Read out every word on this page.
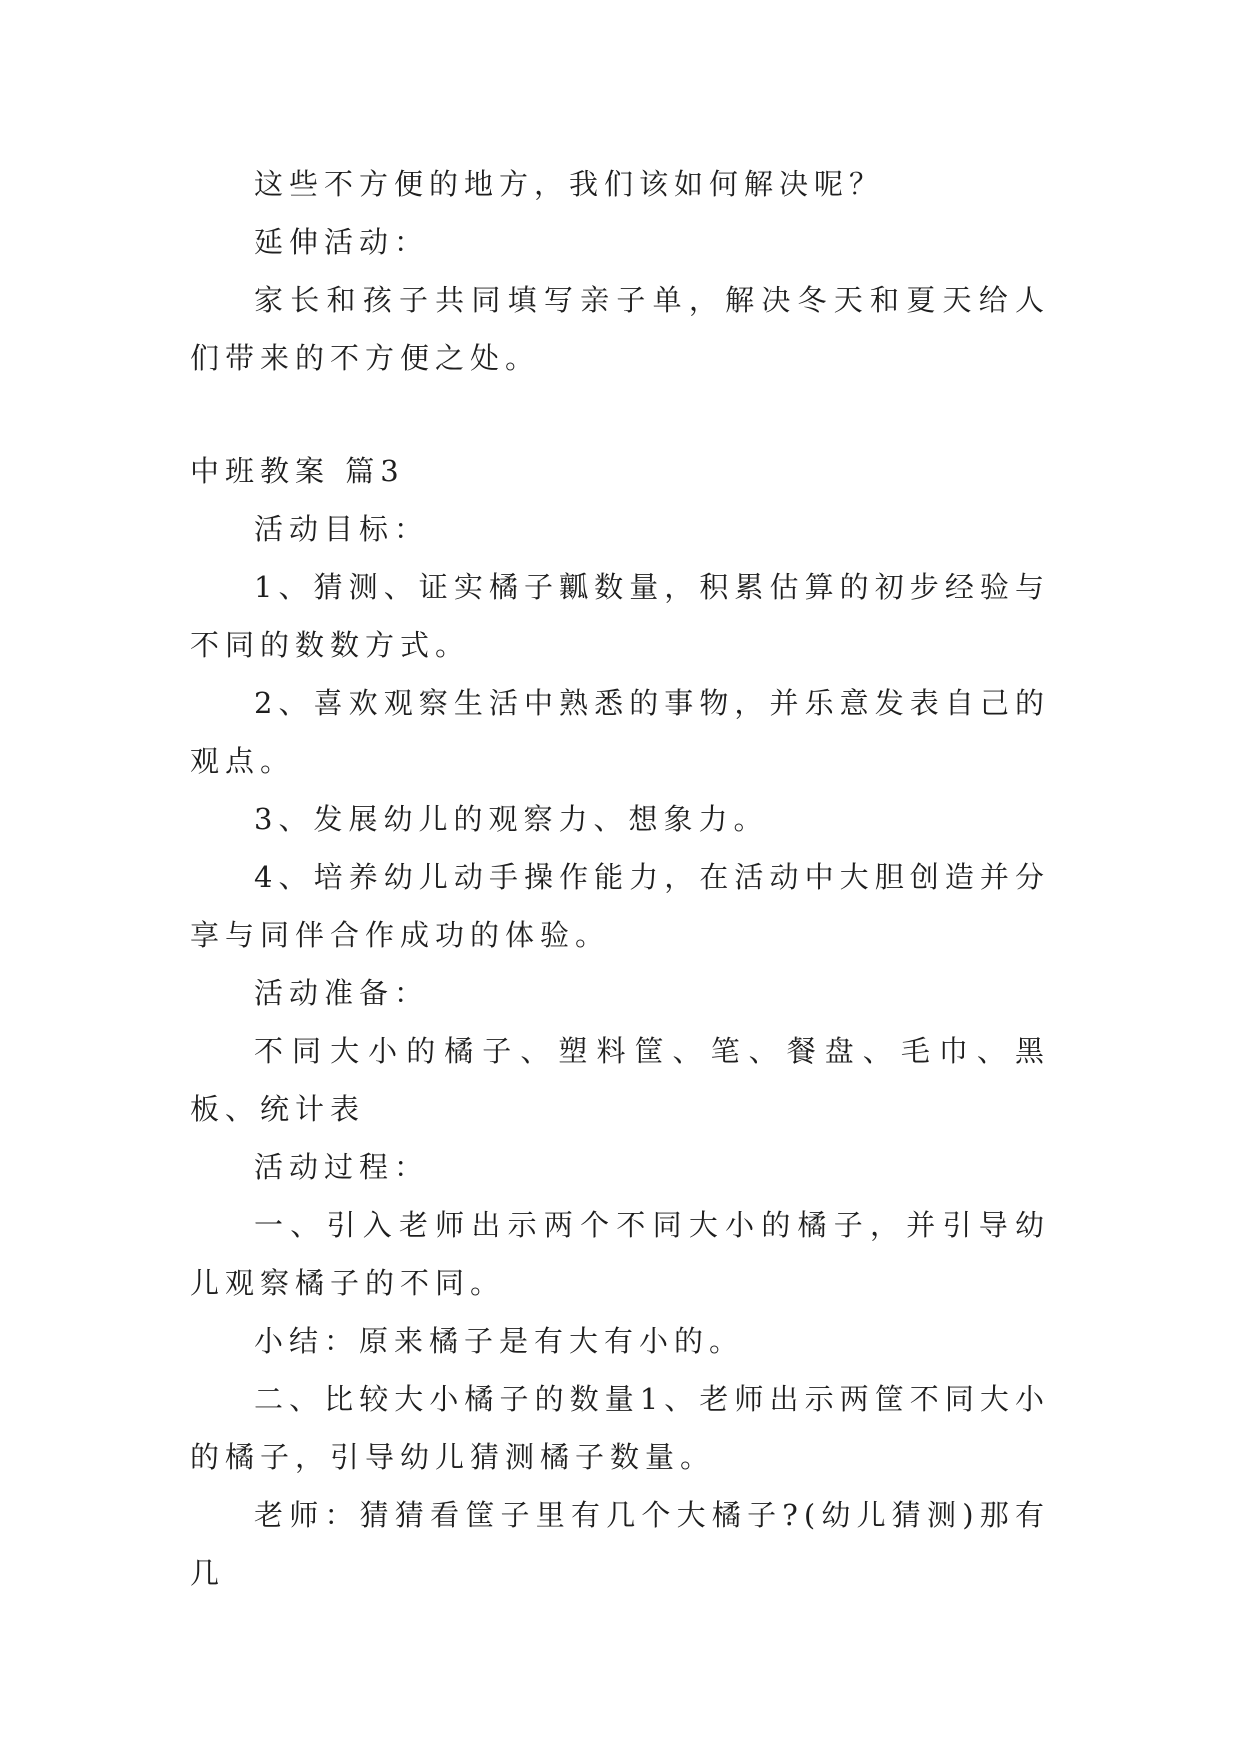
这些不方便的地方，我们该如何解决呢？

延伸活动：

家长和孩子共同填写亲子单，解决冬天和夏天给人们带来的不方便之处。

中班教案 篇3

活动目标：

1、猜测、证实橘子瓤数量，积累估算的初步经验与不同的数数方式。

2、喜欢观察生活中熟悉的事物，并乐意发表自己的观点。

3、发展幼儿的观察力、想象力。

4、培养幼儿动手操作能力，在活动中大胆创造并分享与同伴合作成功的体验。

活动准备：

不同大小的橘子、塑料筐、笔、餐盘、毛巾、黑板、统计表

活动过程：

一、引入老师出示两个不同大小的橘子，并引导幼儿观察橘子的不同。

小结：原来橘子是有大有小的。

二、比较大小橘子的数量1、老师出示两筐不同大小的橘子，引导幼儿猜测橘子数量。

老师：猜猜看筐子里有几个大橘子?(幼儿猜测)那有几
